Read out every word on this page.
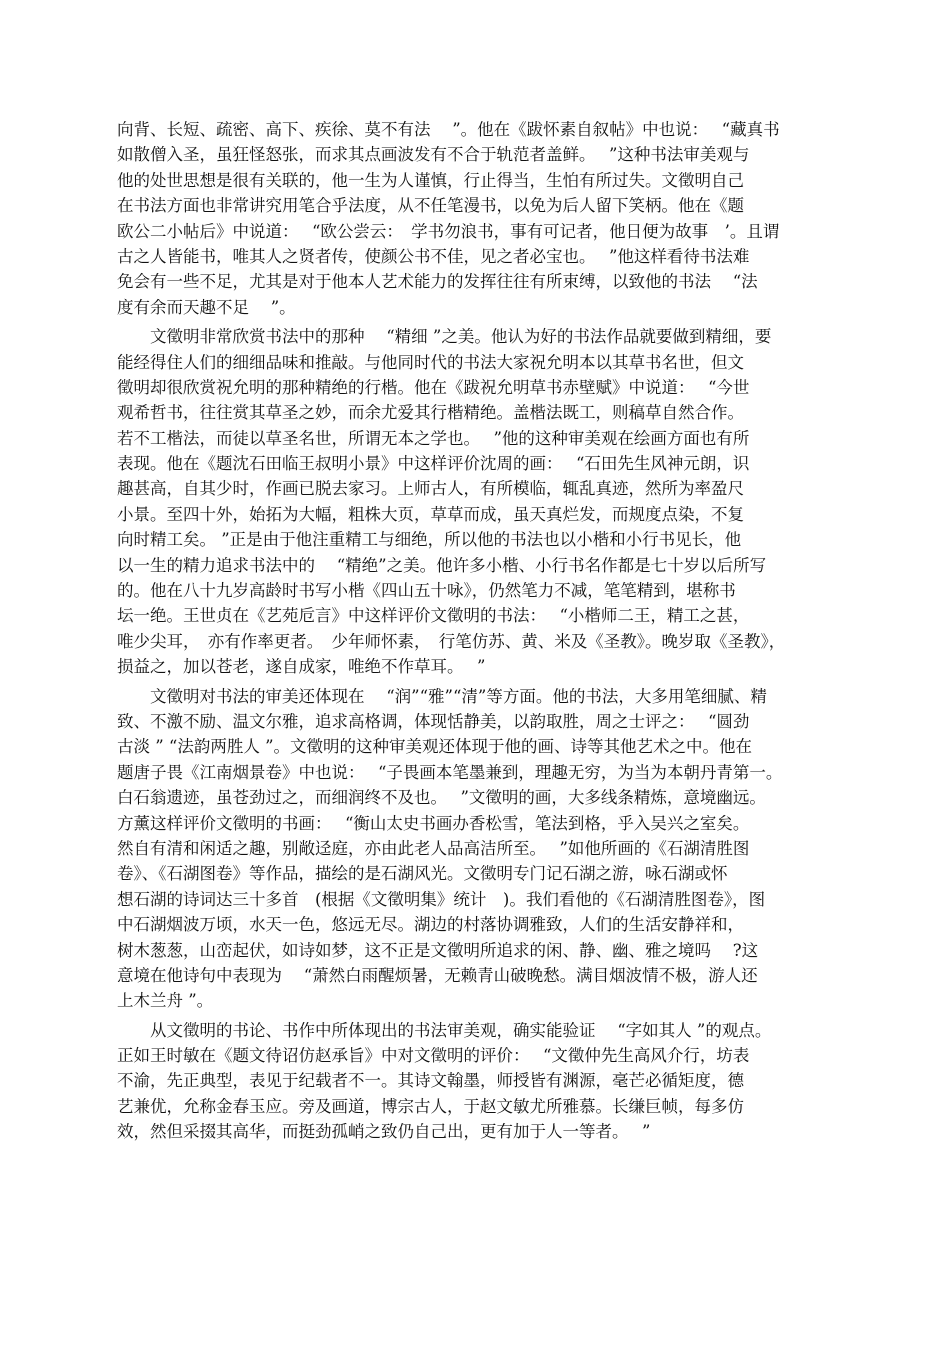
向背、长短、疏密、高下、疾徐、莫不有法　 ”。他在《跋怀素自叙帖》中也说：　 “藏真书
如散僧入圣，虽狂怪怒张，而求其点画波发有不合于轨范者盖鲜。　 ”这种书法审美观与
他的处世思想是很有关联的，他一生为人谨慎，行止得当，生怕有所过失。文徵明自己
在书法方面也非常讲究用笔合乎法度，从不任笔漫书，以免为后人留下笑柄。他在《题
欧公二小帖后》中说道：　 “欧公尝云：　学书勿浪书，事有可记者，他日便为故事　’。且谓
古之人皆能书，唯其人之贤者传，使颜公书不佳，见之者必宝也。　 ”他这样看待书法难
免会有一些不足，尤其是对于他本人艺术能力的发挥往往有所束缚，以致他的书法　 “法
度有余而天趣不足　 ”。
　　文徵明非常欣赏书法中的那种　 “精细 ”之美。他认为好的书法作品就要做到精细，要
能经得住人们的细细品味和推敲。与他同时代的书法大家祝允明本以其草书名世，但文
徵明却很欣赏祝允明的那种精绝的行楷。他在《跋祝允明草书赤壁赋》中说道：　 “今世
观希哲书，往往赏其草圣之妙，而余尤爱其行楷精绝。盖楷法既工，则稿草自然合作。
若不工楷法，而徒以草圣名世，所谓无本之学也。　 ”他的这种审美观在绘画方面也有所
表现。他在《题沈石田临王叔明小景》中这样评价沈周的画：　 “石田先生风神元朗，识
趣甚高，自其少时，作画已脱去家习。上师古人，有所模临，辄乱真迹，然所为率盈尺
小景。至四十外，始拓为大幅，粗株大页，草草而成，虽天真烂发，而规度点染，不复
向时精工矣。 ”正是由于他注重精工与细绝，所以他的书法也以小楷和小行书见长，他
以一生的精力追求书法中的　 “精绝”之美。他许多小楷、小行书名作都是七十岁以后所写
的。他在八十九岁高龄时书写小楷《四山五十咏》，仍然笔力不减，笔笔精到，堪称书
坛一绝。王世贞在《艺苑卮言》中这样评价文徵明的书法：　 “小楷师二王，精工之甚，
唯少尖耳，　亦有作率更者。　少年师怀素，　行笔仿苏、黄、米及《圣教》。晚岁取《圣教》，
损益之，加以苍老，遂自成家，唯绝不作草耳。　 ”
　　文徵明对书法的审美还体现在　 “润”“雅”“清”等方面。他的书法，大多用笔细腻、精
致、不激不励、温文尔雅，追求高格调，体现恬静美，以韵取胜，周之士评之：　 “圆劲
古淡 ” “法韵两胜人 ”。文徵明的这种审美观还体现于他的画、诗等其他艺术之中。他在
题唐子畏《江南烟景卷》中也说：　 “子畏画本笔墨兼到，理趣无穷，为当为本朝丹青第一。
白石翁遗迹，虽苍劲过之，而细润终不及也。　 ”文徵明的画，大多线条精炼，意境幽远。
方薰这样评价文徵明的书画：　 “衡山太史书画办香松雪，笔法到格，乎入吴兴之室矣。
然自有清和闲适之趣，别敞迳庭，亦由此老人品高洁所至。　 ”如他所画的《石湖清胜图
卷》、《石湖图卷》等作品，描绘的是石湖风光。文徵明专门记石湖之游，咏石湖或怀
想石湖的诗词达三十多首　(根据《文徵明集》统计　)。我们看他的《石湖清胜图卷》，图
中石湖烟波万顷，水天一色，悠远无尽。湖边的村落协调雅致，人们的生活安静祥和，
树木葱葱，山峦起伏，如诗如梦，这不正是文徵明所追求的闲、静、幽、雅之境吗　 ?这
意境在他诗句中表现为　 “萧然白雨醒烦暑，无赖青山破晚愁。满目烟波情不极，游人还
上木兰舟 ”。
　　从文徵明的书论、书作中所体现出的书法审美观，确实能验证　 “字如其人 ”的观点。
正如王时敏在《题文待诏仿赵承旨》中对文徵明的评价：　 “文徵仲先生高风介行，坊表
不渝，先正典型，表见于纪载者不一。其诗文翰墨，师授皆有渊源，毫芒必循矩度，德
艺兼优，允称金春玉应。旁及画道，博宗古人，于赵文敏尤所雅慕。长缣巨帧，每多仿
效，然但采掇其高华，而挺劲孤峭之致仍自己出，更有加于人一等者。　 ”
